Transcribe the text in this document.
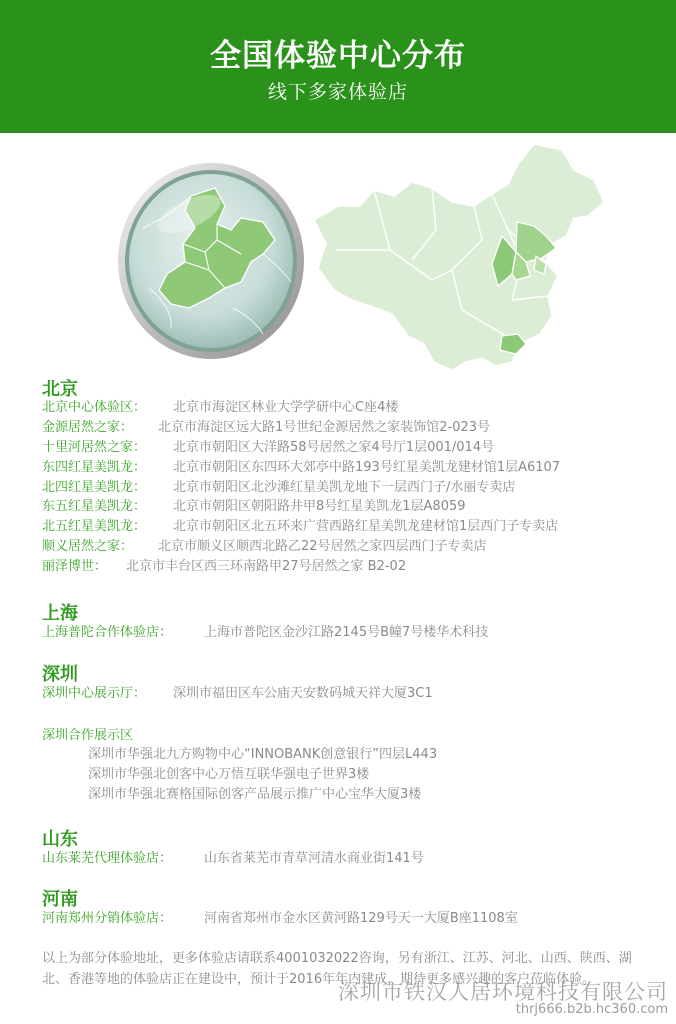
全国体验中心分布
线下多家体验店
北京
北京中心体验区： 北京市海淀区林业大学学研中心C座4楼
金源居然之家： 北京市海淀区远大路1号世纪金源居然之家装饰馆2-023号
十里河居然之家： 北京市朝阳区大洋路58号居然之家4号厅1层001/014号
东四红星美凯龙： 北京市朝阳区东四环大郊亭中路193号红星美凯龙建材馆1层A6107
北四红星美凯龙： 北京市朝阳区北沙滩红星美凯龙地下一层西门子/水丽专卖店
东五红星美凯龙： 北京市朝阳区朝阳路井甲8号红星美凯龙1层A8059
北五红星美凯龙： 北京市朝阳区北五环来广营西路红星美凯龙建材馆1层西门子专卖店
顺义居然之家： 北京市顺义区顺西北路乙22号居然之家四层西门子专卖店
丽泽博世： 北京市丰台区西三环南路甲27号居然之家 B2-02
上海
上海普陀合作体验店： 上海市普陀区金沙江路2145号B幢7号楼华术科技
深圳
深圳中心展示厅： 深圳市福田区车公庙天安数码城天祥大厦3C1
深圳合作展示区
深圳市华强北九方购物中心“INNOBANK创意银行”四层L443
深圳市华强北创客中心万悟互联华强电子世界3楼
深圳市华强北赛格国际创客产品展示推广中心宝华大厦3楼
山东
山东莱芜代理体验店： 山东省莱芜市青草河清水商业街141号
河南
河南郑州分销体验店： 河南省郑州市金水区黄河路129号天一大厦B座1108室
以上为部分体验地址，更多体验店请联系4001032022咨询，另有浙江、江苏、河北、山西、陕西、湖北、香港等地的体验店正在建设中，预计于2016年年内建成，期待更多感兴趣的客户莅临体验。
深圳市铁汉人居环境科技有限公司
thrj666.b2b.hc360.com
